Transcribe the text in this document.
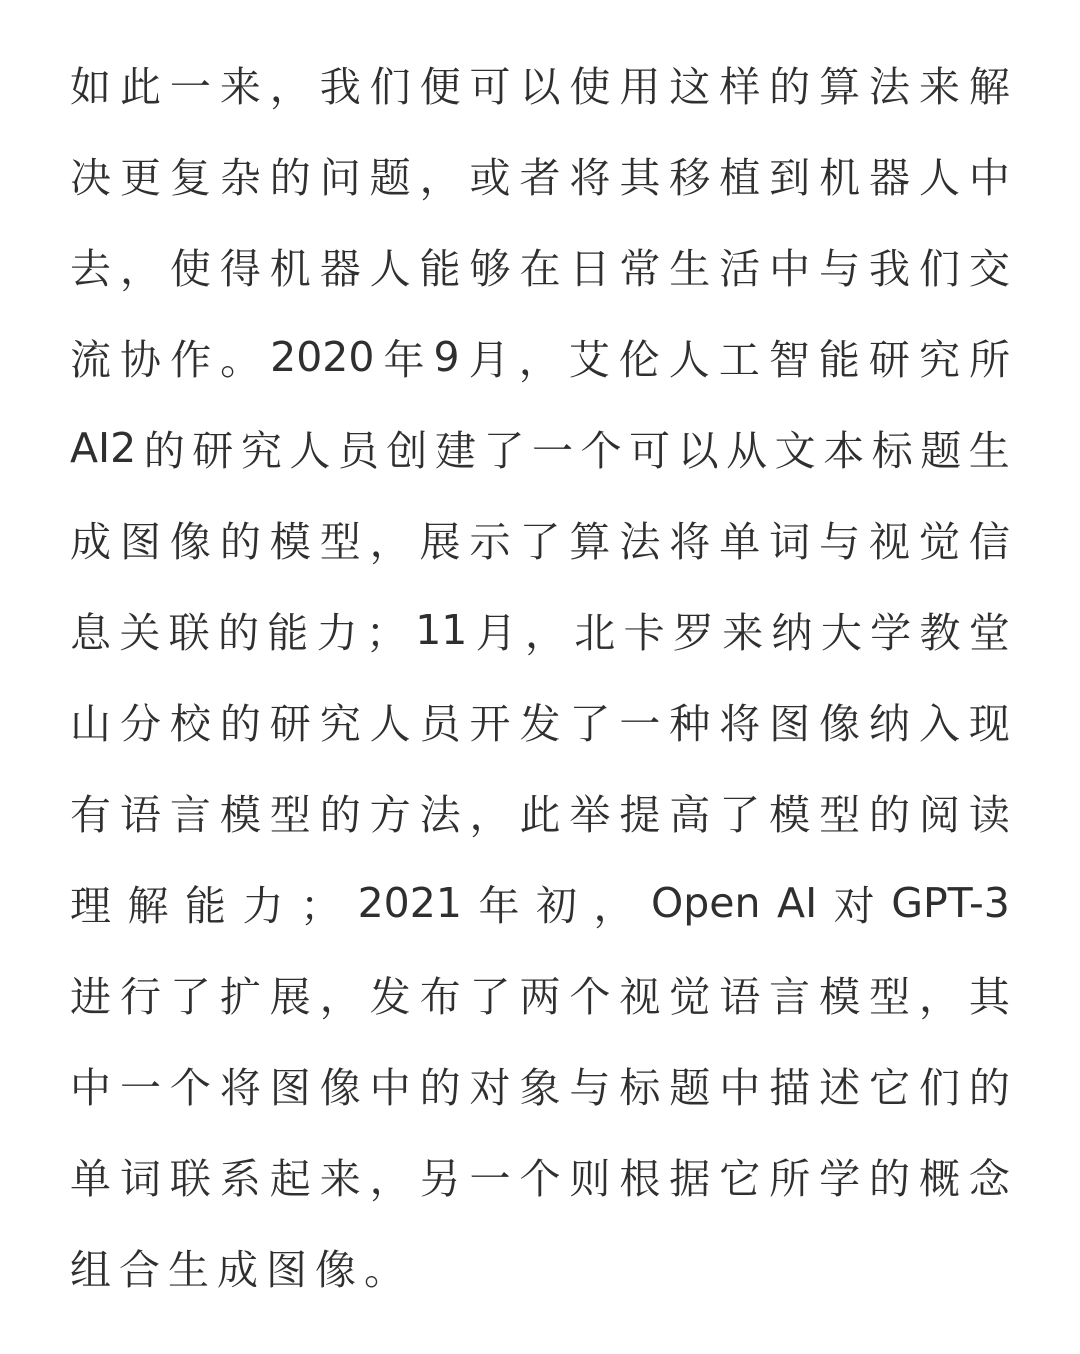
如 此 一 来 ， 我 们 便 可 以 使 用 这 样 的 算 法 来 解
决 更 复 杂 的 问 题 ， 或 者 将 其 移 植 到 机 器 人 中
去 ， 使 得 机 器 人 能 够 在 日 常 生 活 中 与 我 们 交
流 协 作 。 2020 年 9 月 ， 艾 伦 人 工 智 能 研 究 所
AI2 的 研 究 人 员 创 建 了 一 个 可 以 从 文 本 标 题 生
成 图 像 的 模 型 ， 展 示 了 算 法 将 单 词 与 视 觉 信
息 关 联 的 能 力 ； 11 月 ， 北 卡 罗 来 纳 大 学 教 堂
山 分 校 的 研 究 人 员 开 发 了 一 种 将 图 像 纳 入 现
有 语 言 模 型 的 方 法 ， 此 举 提 高 了 模 型 的 阅 读
理 解 能 力 ； 2021 年 初 ， Open AI 对 GPT-3
进 行 了 扩 展 ， 发 布 了 两 个 视 觉 语 言 模 型 ， 其
中 一 个 将 图 像 中 的 对 象 与 标 题 中 描 述 它 们 的
单 词 联 系 起 来 ， 另 一 个 则 根 据 它 所 学 的 概 念
组合生成图像。
